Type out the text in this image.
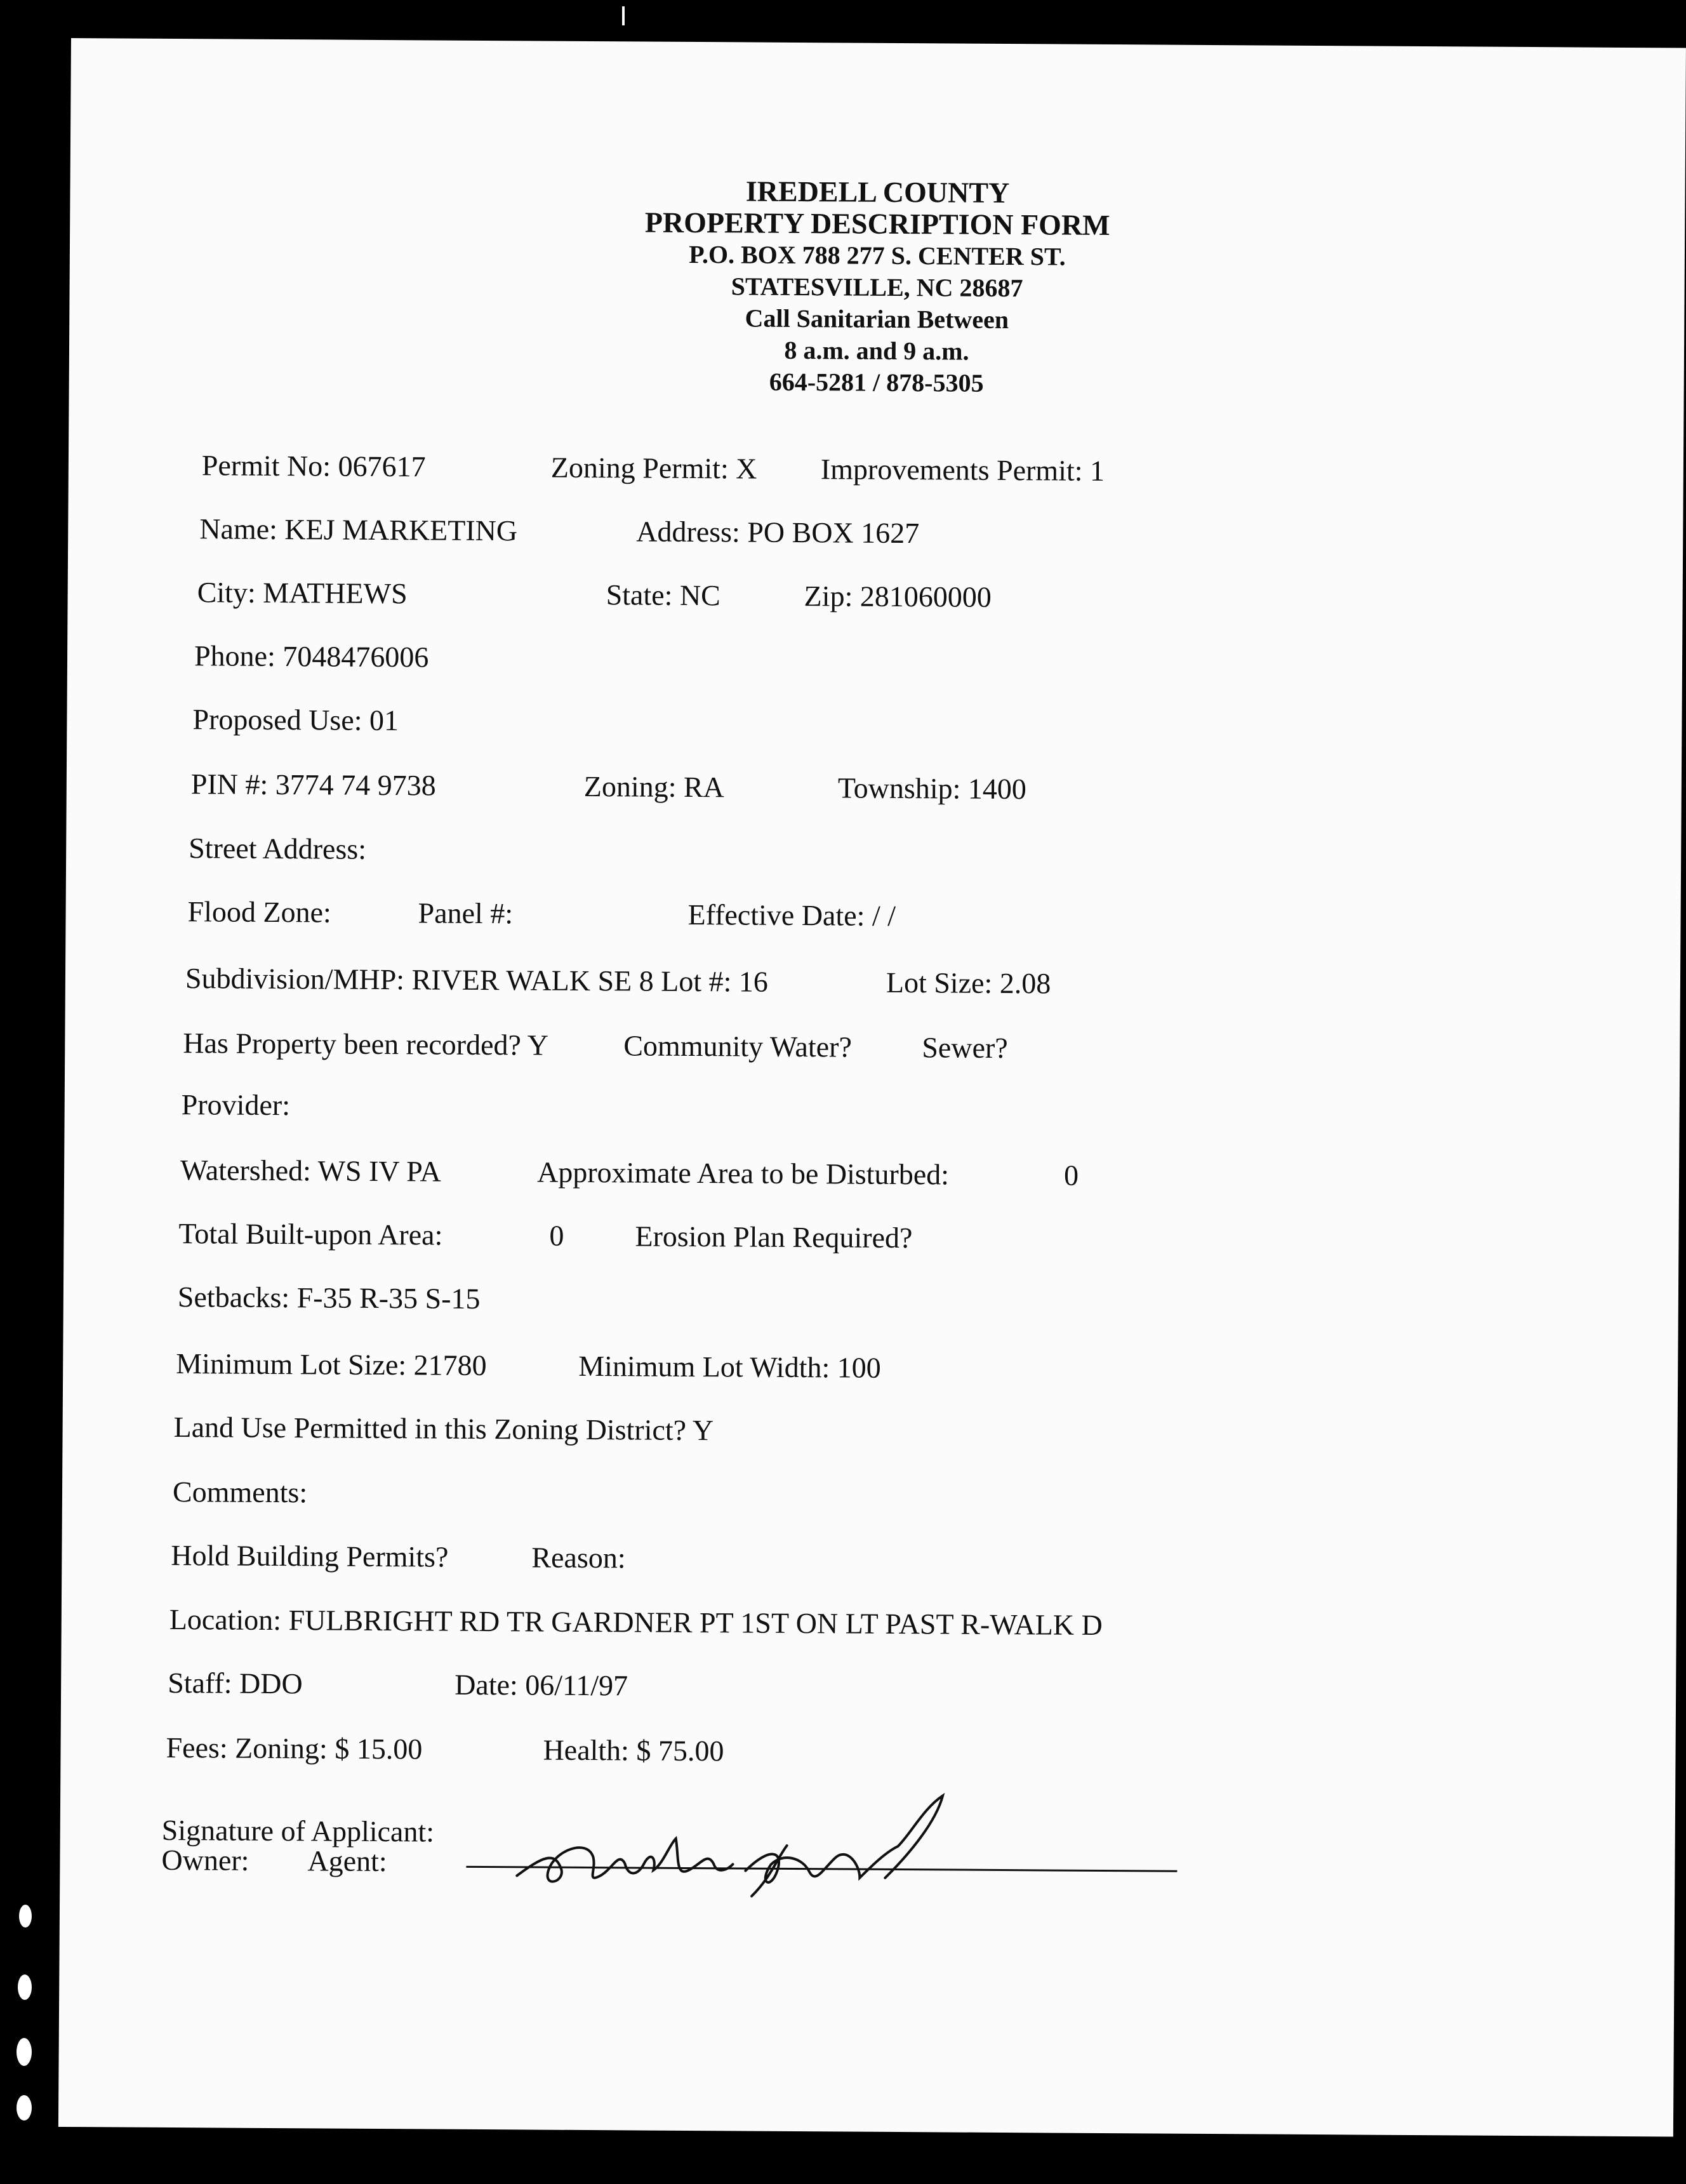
IREDELL COUNTY
PROPERTY DESCRIPTION FORM
P.O. BOX 788 277 S. CENTER ST.
STATESVILLE, NC 28687
Call Sanitarian Between
8 a.m. and 9 a.m.
664-5281 / 878-5305
Permit No: 067617	Zoning Permit: X Improvements Permit: 1
Name: KEJ MARKETING	Address: PO BOX 1627
City: MATHEWS	State: NC	Zip: 281060000
Phone: 7048476006
Proposed Use: 01
PIN #: 3774 74 9738	Zoning: RA	Township: 1400
Street Address:
Flood Zone:	Panel #:	Effective Date: / /
Subdivision/MHP: RIVER WALK SE 8 Lot #: 16	Lot Size: 2.08
Has Property been recorded? Y	Community Water? Sewer?
Provider:
Watershed: WS IV PA	Approximate Area to be Disturbed:	0
Total Built-upon Area:	0 Erosion Plan Required?
Setbacks: F-35 R-35 S-15
Minimum Lot Size: 21780	Minimum Lot Width: 100
Land Use Permitted in this Zoning District? Y
Comments:
Hold Building Permits?	Reason:
Location: FULBRIGHT RD TR GARDNER PT 1ST ON LT PAST R-WALK D
Staff: DDO	Date: 06/11/97
Fees: Zoning: $ 15.00	Health: $ 75.00
Signature of Applicant:
Owner: Agent:
